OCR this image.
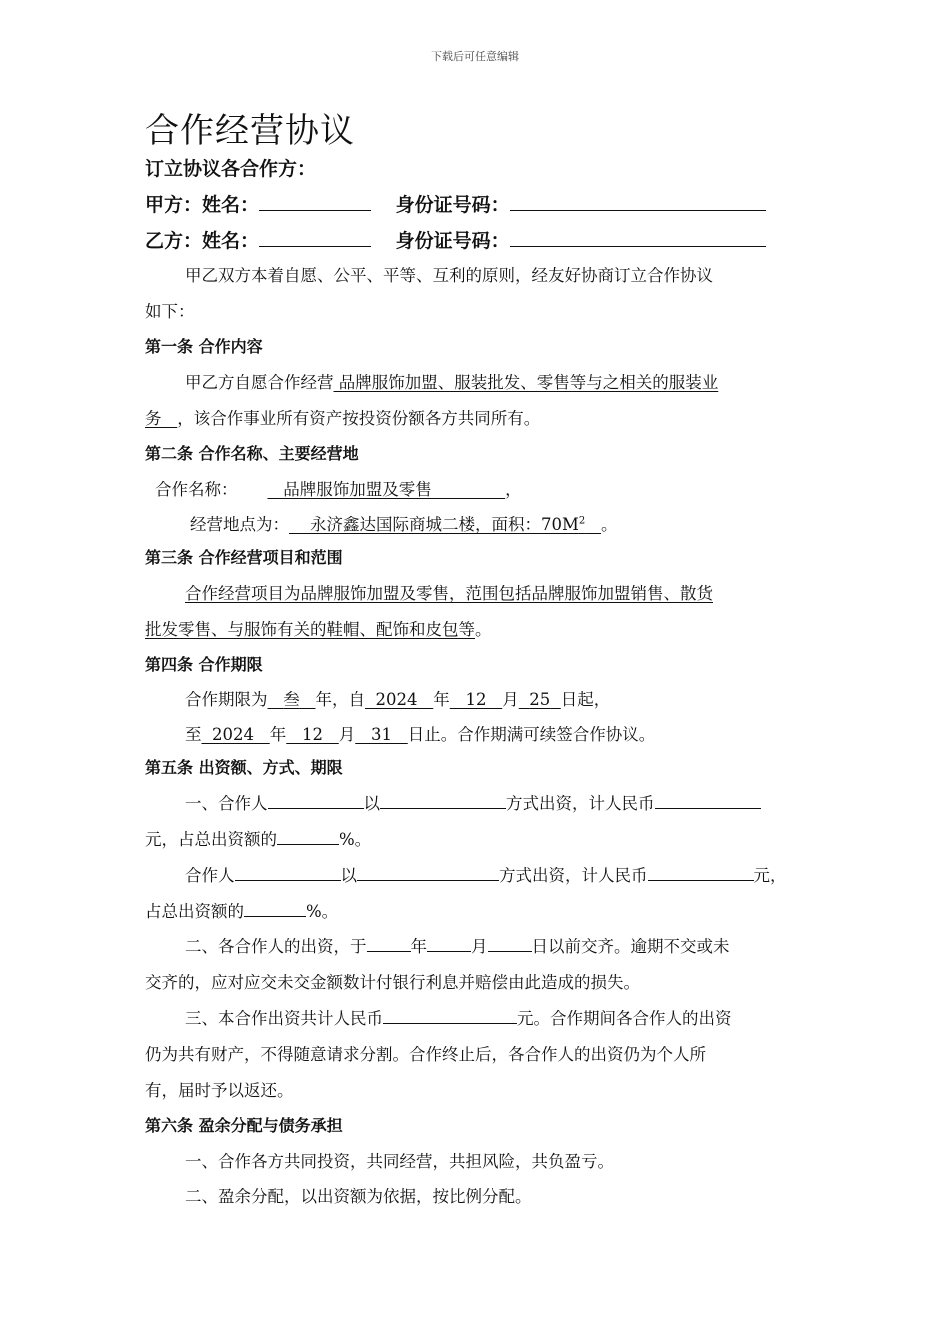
下载后可任意编辑
合作经营协议
订立协议各合作方：
甲方：姓名：	身份证号码：
乙方：姓名：	身份证号码：
甲乙双方本着自愿、公平、平等、互利的原则，经友好协商订立合作协议
如下：
第一条 合作内容
甲乙方自愿合作经营 品牌服饰加盟、服装批发、零售等与之相关的服装业
务   ，该合作事业所有资产按投资份额各方共同所有。
第二条 合作名称、主要经营地
合作名称：   品牌服饰加盟及零售              ，
经营地点为：    永济鑫达国际商城二楼，面积：$70M^2$ 。
第三条 合作经营项目和范围
合作经营项目为品牌服饰加盟及零售，范围包括品牌服饰加盟销售、散货
批发零售、与服饰有关的鞋帽、配饰和皮包等。
第四条 合作期限
合作期限为 叁 年，自 2024 年 12 月 25 日起，
至 2024 年 12 月 31 日止。合作期满可续签合作协议。
第五条 出资额、方式、期限
一、合作人	以	方式出资，计人民币
元，占总出资额的	%。
合作人	以	方式出资，计人民币	元，
占总出资额的	%。
二、各合作人的出资，于	年	月	日以前交齐。逾期不交或未
交齐的，应对应交未交金额数计付银行利息并赔偿由此造成的损失。
三、本合作出资共计人民币	元。合作期间各合作人的出资
仍为共有财产，不得随意请求分割。合作终止后，各合作人的出资仍为个人所
有，届时予以返还。
第六条 盈余分配与债务承担
一、合作各方共同投资，共同经营，共担风险，共负盈亏。
二、盈余分配，以出资额为依据，按比例分配。
